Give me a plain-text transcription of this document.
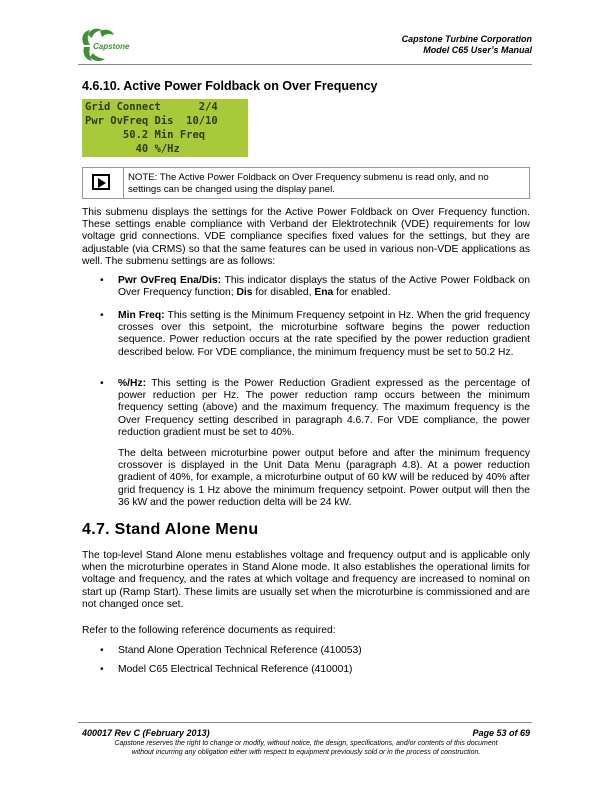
Capstone
Capstone Turbine Corporation
Model C65 User’s Manual
4.6.10. Active Power Foldback on Over Frequency
Grid Connect      2/4
Pwr OvFreq Dis  10/10
50.2 Min Freq
40 %/Hz
NOTE: The Active Power Foldback on Over Frequency submenu is read only, and no settings can be changed using the display panel.
This submenu displays the settings for the Active Power Foldback on Over Frequency function. These settings enable compliance with Verband der Elektrotechnik (VDE) requirements for low voltage grid connections. VDE compliance specifies fixed values for the settings, but they are adjustable (via CRMS) so that the same features can be used in various non-VDE applications as well. The submenu settings are as follows:
• Pwr OvFreq Ena/Dis: This indicator displays the status of the Active Power Foldback on Over Frequency function; Dis for disabled, Ena for enabled.
• Min Freq: This setting is the Minimum Frequency setpoint in Hz. When the grid frequency crosses over this setpoint, the microturbine software begins the power reduction sequence. Power reduction occurs at the rate specified by the power reduction gradient described below. For VDE compliance, the minimum frequency must be set to 50.2 Hz.
• %/Hz: This setting is the Power Reduction Gradient expressed as the percentage of power reduction per Hz. The power reduction ramp occurs between the minimum frequency setting (above) and the maximum frequency. The maximum frequency is the Over Frequency setting described in paragraph 4.6.7. For VDE compliance, the power reduction gradient must be set to 40%.
The delta between microturbine power output before and after the minimum frequency crossover is displayed in the Unit Data Menu (paragraph 4.8). At a power reduction gradient of 40%, for example, a microturbine output of 60 kW will be reduced by 40% after grid frequency is 1 Hz above the minimum frequency setpoint. Power output will then the 36 kW and the power reduction delta will be 24 kW.
4.7. Stand Alone Menu
The top-level Stand Alone menu establishes voltage and frequency output and is applicable only when the microturbine operates in Stand Alone mode. It also establishes the operational limits for voltage and frequency, and the rates at which voltage and frequency are increased to nominal on start up (Ramp Start). These limits are usually set when the microturbine is commissioned and are not changed once set.
Refer to the following reference documents as required:
• Stand Alone Operation Technical Reference (410053)
• Model C65 Electrical Technical Reference (410001)
400017 Rev C (February 2013)	Page 53 of 69
Capstone reserves the right to change or modify, without notice, the design, specifications, and/or contents of this document
without incurring any obligation either with respect to equipment previously sold or in the process of construction.
